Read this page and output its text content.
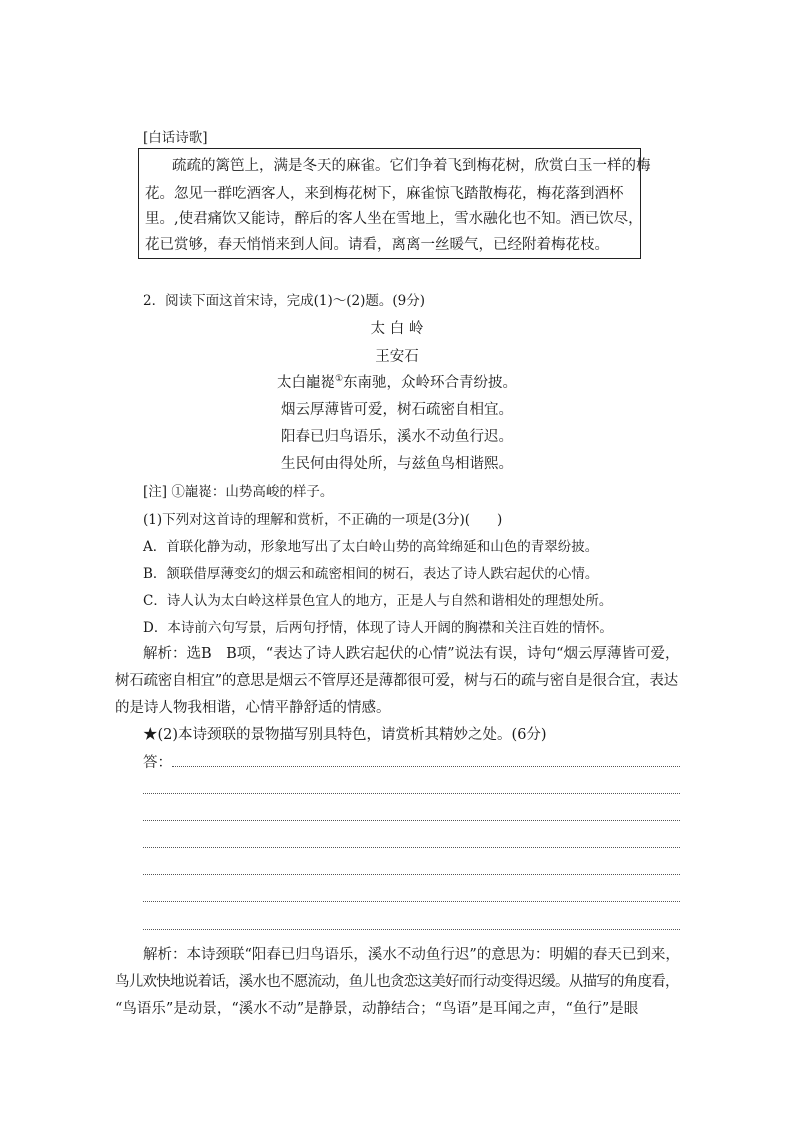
[白话诗歌]
疏疏的篱笆上，满是冬天的麻雀。它们争着飞到梅花树，欣赏白玉一样的梅
花。忽见一群吃酒客人，来到梅花树下，麻雀惊飞踏散梅花，梅花落到酒杯
里。,使君痛饮又能诗，醉后的客人坐在雪地上，雪水融化也不知。酒已饮尽，
花已赏够，春天悄悄来到人间。请看，离离一丝暖气，已经附着梅花枝。
2．阅读下面这首宋诗，完成(1)～(2)题。(9分)
太 白 岭
王安石
太白巃嵸①东南驰，众岭环合青纷披。
烟云厚薄皆可爱，树石疏密自相宜。
阳春已归鸟语乐，溪水不动鱼行迟。
生民何由得处所，与兹鱼鸟相谐熙。
[注] ①巃嵸：山势高峻的样子。
(1)下列对这首诗的理解和赏析，不正确的一项是(3分)(　　)
A．首联化静为动，形象地写出了太白岭山势的高耸绵延和山色的青翠纷披。
B．颔联借厚薄变幻的烟云和疏密相间的树石，表达了诗人跌宕起伏的心情。
C．诗人认为太白岭这样景色宜人的地方，正是人与自然和谐相处的理想处所。
D．本诗前六句写景，后两句抒情，体现了诗人开阔的胸襟和关注百姓的情怀。
解析：选B　B项，“表达了诗人跌宕起伏的心情”说法有误，诗句“烟云厚薄皆可爱，
树石疏密自相宜”的意思是烟云不管厚还是薄都很可爱，树与石的疏与密自是很合宜，表达
的是诗人物我相谐，心情平静舒适的情感。
★(2)本诗颈联的景物描写别具特色，请赏析其精妙之处。(6分)
答：
解析：本诗颈联“阳春已归鸟语乐，溪水不动鱼行迟”的意思为：明媚的春天已到来，
鸟儿欢快地说着话，溪水也不愿流动，鱼儿也贪恋这美好而行动变得迟缓。从描写的角度看，
“鸟语乐”是动景，“溪水不动”是静景，动静结合；“鸟语”是耳闻之声，“鱼行”是眼
